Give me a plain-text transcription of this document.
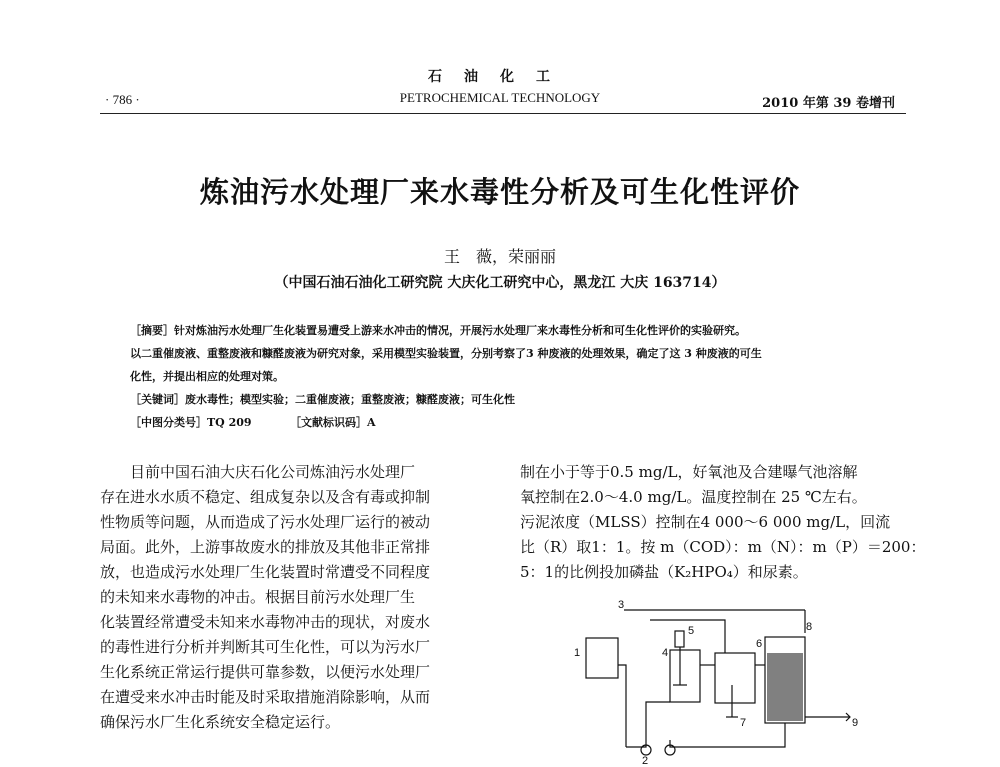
石油化工
PETROCHEMICAL TECHNOLOGY
· 786 ·	2010 年第 39 卷增刊
炼油污水处理厂来水毒性分析及可生化性评价
王　薇，荣丽丽
（中国石油石油化工研究院 大庆化工研究中心，黑龙江 大庆 163714）
［摘要］针对炼油污水处理厂生化装置易遭受上游来水冲击的情况，开展污水处理厂来水毒性分析和可生化性评价的实验研究。
以二重催废液、重整废液和糠醛废液为研究对象，采用模型实验装置，分别考察了3 种废液的处理效果，确定了这 3 种废液的可生
化性，并提出相应的处理对策。
［关键词］废水毒性；模型实验；二重催废液；重整废液；糠醛废液；可生化性
［中图分类号］TQ 209　　　　［文献标识码］A
　　目前中国石油大庆石化公司炼油污水处理厂
存在进水水质不稳定、组成复杂以及含有毒或抑制
性物质等问题，从而造成了污水处理厂运行的被动
局面。此外，上游事故废水的排放及其他非正常排
放，也造成污水处理厂生化装置时常遭受不同程度
的未知来水毒物的冲击。根据目前污水处理厂生
化装置经常遭受未知来水毒物冲击的现状，对废水
的毒性进行分析并判断其可生化性，可以为污水厂
生化系统正常运行提供可靠参数，以便污水处理厂
在遭受来水冲击时能及时采取措施消除影响，从而
确保污水厂生化系统安全稳定运行。
制在小于等于0.5 mg/L，好氧池及合建曝气池溶解
氧控制在2.0～4.0 mg/L。温度控制在 25 ℃左右。
污泥浓度（MLSS）控制在4 000～6 000 mg/L，回流
比（R）取1：1。按 m（COD）：m（N）：m（P）＝200：
5：1的比例投加磷盐（K₂HPO₄）和尿素。
1
2
3
4
5
6
7
8
9
